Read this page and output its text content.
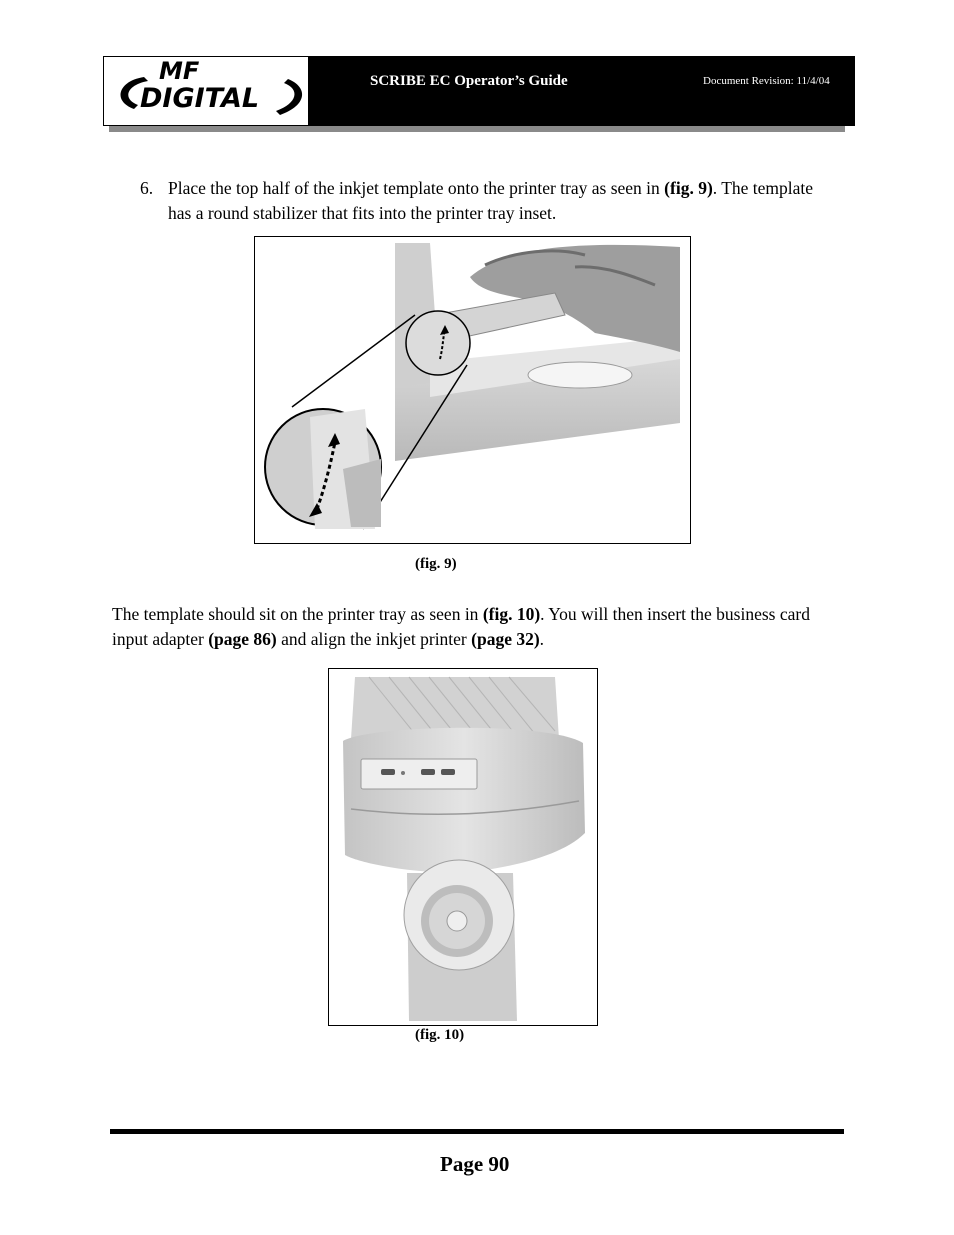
MF
DIGITAL
SCRIBE EC Operator’s Guide	Document Revision: 11/4/04
6. Place the top half of the inkjet template onto the printer tray as seen in (fig. 9). The template has a round stabilizer that fits into the printer tray inset.
(fig. 9)
The template should sit on the printer tray as seen in (fig. 10). You will then insert the business card input adapter (page 86) and align the inkjet printer (page 32).
(fig. 10)
Page 90
